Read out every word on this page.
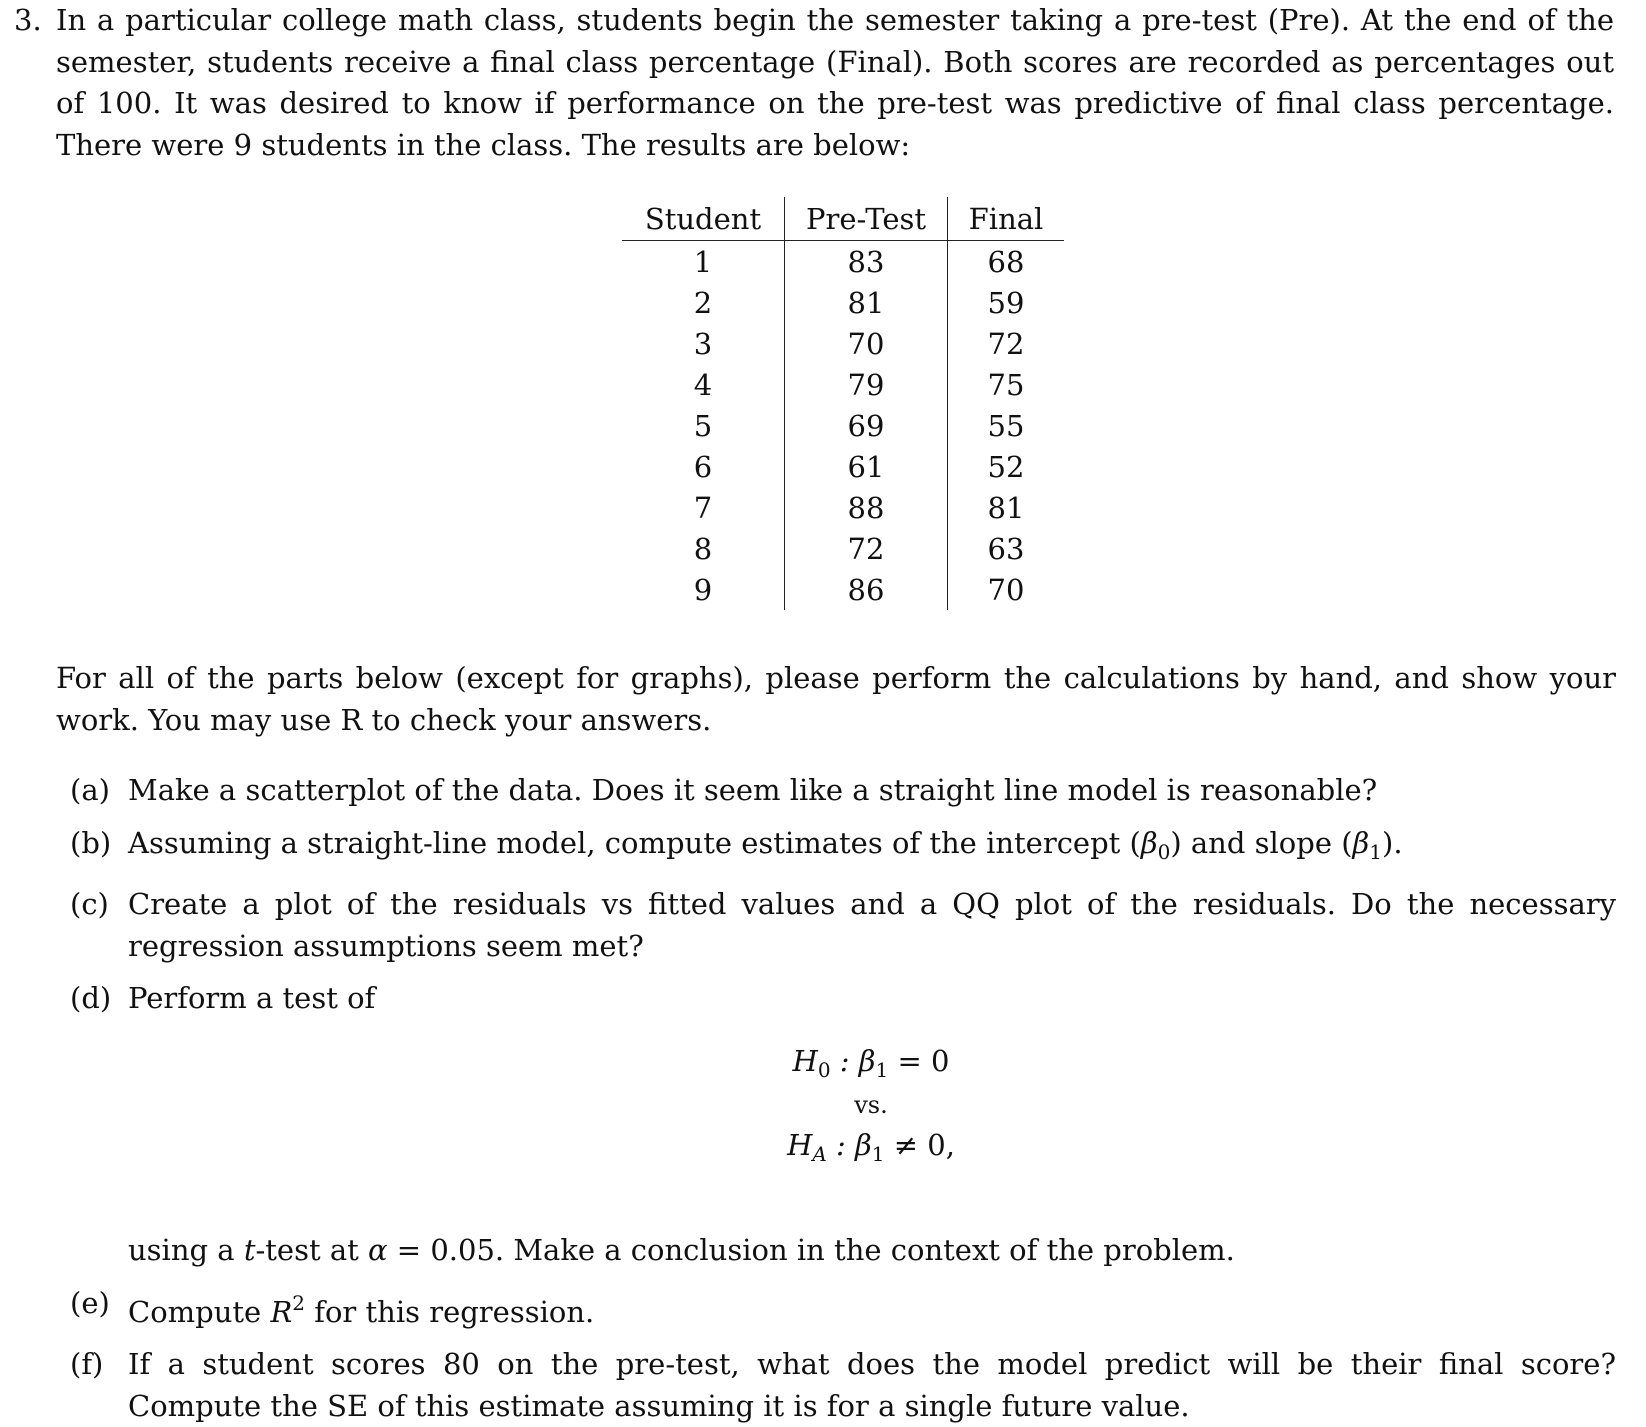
3. In a particular college math class, students begin the semester taking a pre-test (Pre). At the end of the semester, students receive a final class percentage (Final). Both scores are recorded as percentages out of 100. It was desired to know if performance on the pre-test was predictive of final class percentage. There were 9 students in the class. The results are below:
Student	Pre-Test	Final
1	83	68
2	81	59
3	70	72
4	79	75
5	69	55
6	61	52
7	88	81
8	72	63
9	86	70
For all of the parts below (except for graphs), please perform the calculations by hand, and show your work. You may use R to check your answers.
(a) Make a scatterplot of the data. Does it seem like a straight line model is reasonable?
(b) Assuming a straight-line model, compute estimates of the intercept $(\beta_0)$ and slope $(\beta_1)$.
(c) Create a plot of the residuals vs fitted values and a QQ plot of the residuals. Do the necessary regression assumptions seem met?
(d) Perform a test of
using a t-test at α = 0.05. Make a conclusion in the context of the problem.
(e) Compute $R^2$ for this regression.
(f) If a student scores 80 on the pre-test, what does the model predict will be their final score? Compute the SE of this estimate assuming it is for a single future value.
$H_0$ : $\beta_1 = 0$
vs.
$H_A$ : $\beta_1 \ne 0$,
